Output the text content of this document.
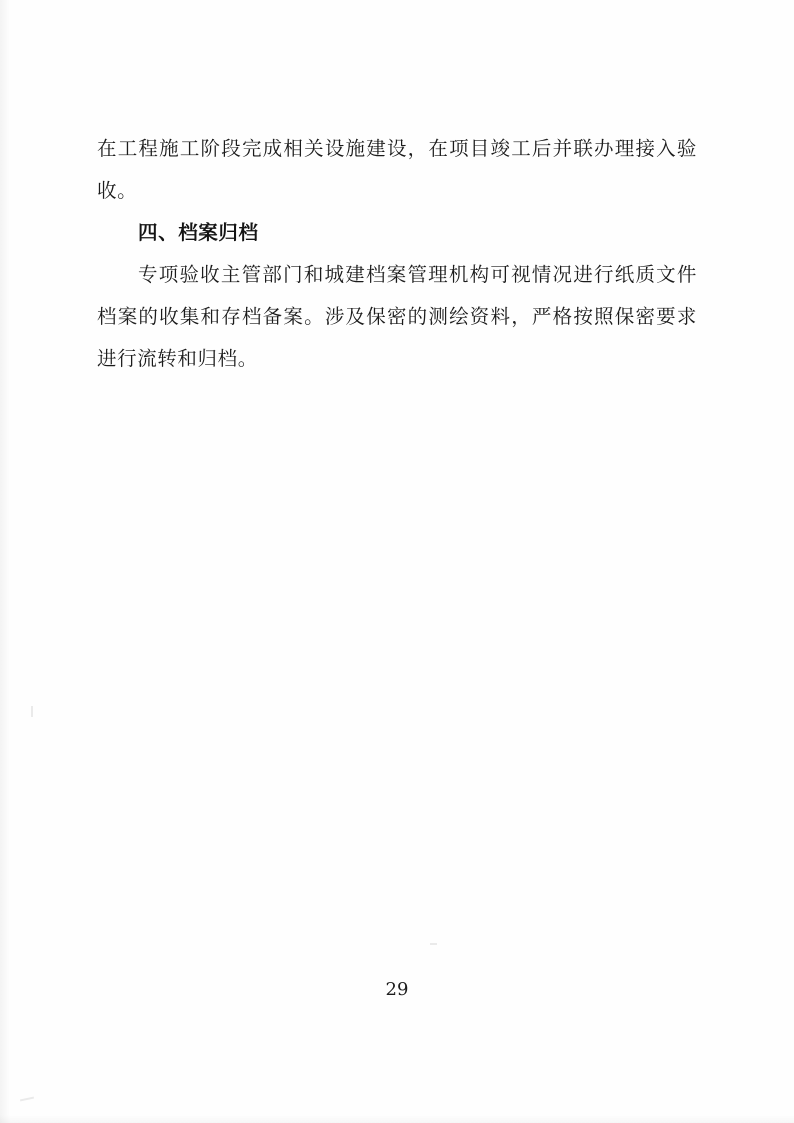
在工程施工阶段完成相关设施建设，在项目竣工后并联办理接入验收。

四、档案归档

专项验收主管部门和城建档案管理机构可视情况进行纸质文件档案的收集和存档备案。涉及保密的测绘资料，严格按照保密要求进行流转和归档。

29
